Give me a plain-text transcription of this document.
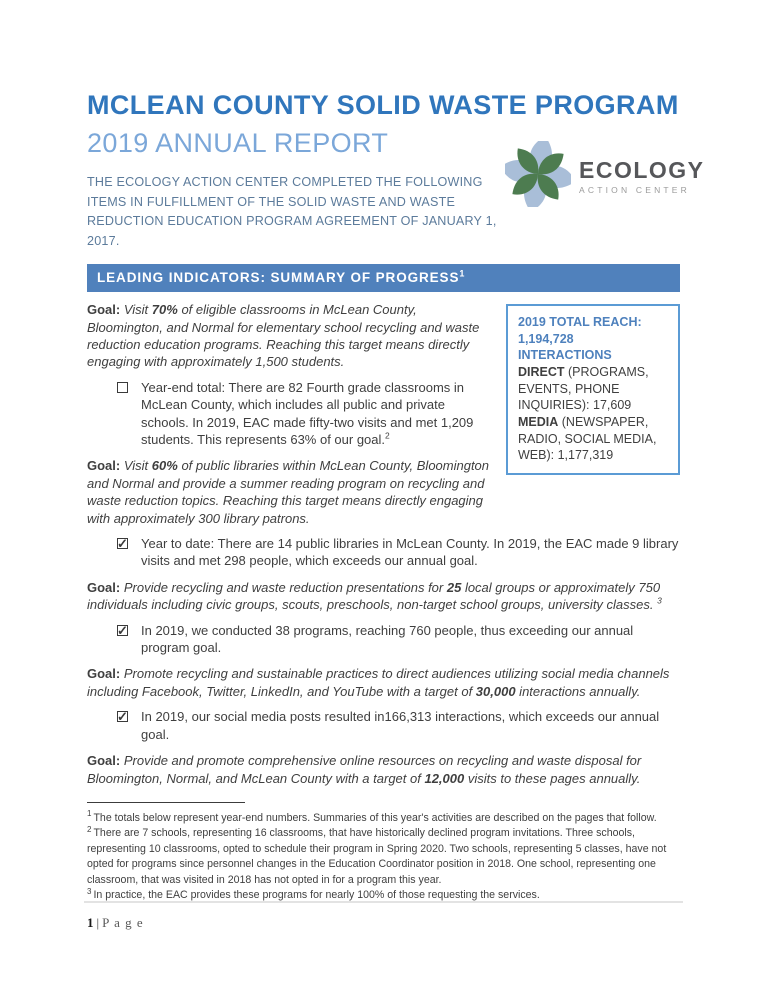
MCLEAN COUNTY SOLID WASTE PROGRAM
2019 ANNUAL REPORT
ECOLOGY
ACTION CENTER
THE ECOLOGY ACTION CENTER COMPLETED THE FOLLOWING ITEMS IN FULFILLMENT OF THE SOLID WASTE AND WASTE REDUCTION EDUCATION PROGRAM AGREEMENT OF JANUARY 1, 2017.
LEADING INDICATORS: SUMMARY OF PROGRESS$^1$
2019 TOTAL REACH: 1,194,728 INTERACTIONS
DIRECT (PROGRAMS, EVENTS, PHONE INQUIRIES): 17,609
MEDIA (NEWSPAPER, RADIO, SOCIAL MEDIA, WEB): 1,177,319

Goal: Visit 70% of eligible classrooms in McLean County, Bloomington, and Normal for elementary school recycling and waste reduction education programs. Reaching this target means directly engaging with approximately 1,500 students.

Year-end total: There are 82 Fourth grade classrooms in McLean County, which includes all public and private schools. In 2019, EAC made fifty-two visits and met 1,209 students. This represents 63% of our goal.$^2$

Goal: Visit 60% of public libraries within McLean County, Bloomington and Normal and provide a summer reading program on recycling and waste reduction topics. Reaching this target means directly engaging with approximately 300 library patrons.

✓
Year to date: There are 14 public libraries in McLean County. In 2019, the EAC made 9 library visits and met 298 people, which exceeds our annual goal.

Goal: Provide recycling and waste reduction presentations for 25 local groups or approximately 750 individuals including civic groups, scouts, preschools, non-target school groups, university classes. $^3$

✓
In 2019, we conducted 38 programs, reaching 760 people, thus exceeding our annual program goal.

Goal: Promote recycling and sustainable practices to direct audiences utilizing social media channels including Facebook, Twitter, LinkedIn, and YouTube with a target of 30,000 interactions annually.

✓
In 2019, our social media posts resulted in166,313 interactions, which exceeds our annual goal.

Goal: Provide and promote comprehensive online resources on recycling and waste disposal for Bloomington, Normal, and McLean County with a target of 12,000 visits to these pages annually.

$^1$ The totals below represent year-end numbers. Summaries of this year's activities are described on the pages that follow.

$^2$ There are 7 schools, representing 16 classrooms, that have historically declined program invitations. Three schools, representing 10 classrooms, opted to schedule their program in Spring 2020. Two schools, representing 5 classes, have not opted for programs since personnel changes in the Education Coordinator position in 2018. One school, representing one classroom, that was visited in 2018 has not opted in for a program this year.

$^3$ In practice, the EAC provides these programs for nearly 100% of those requesting the services.

1 | P a g e
